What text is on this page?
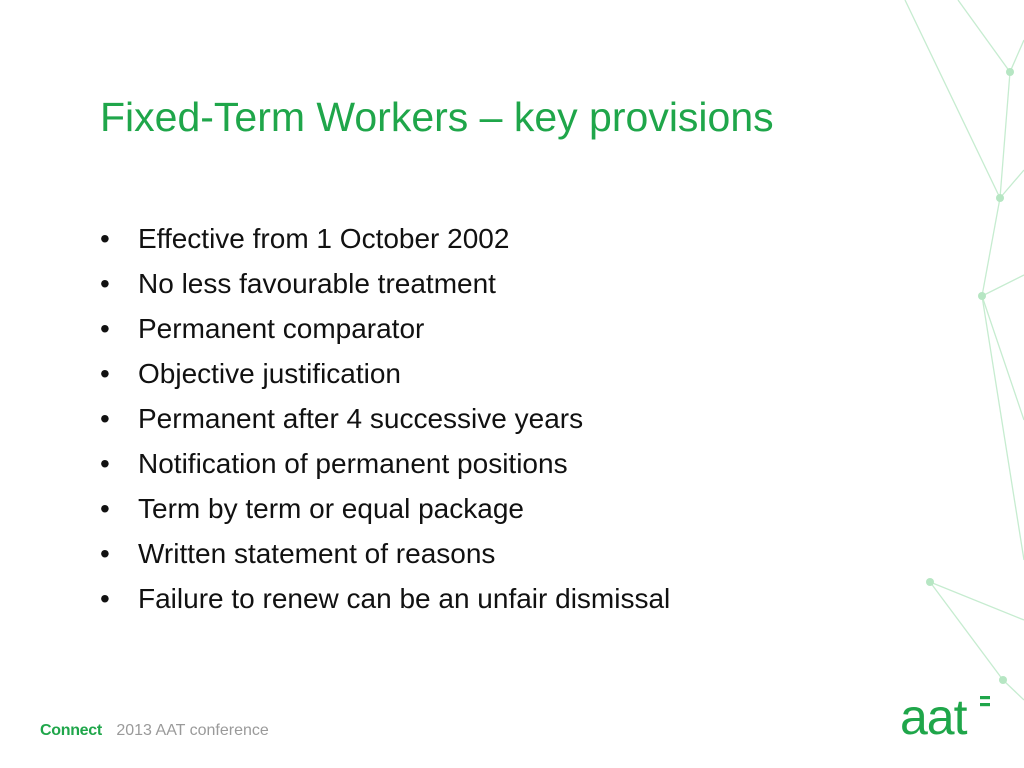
Fixed-Term Workers – key provisions
•	Effective from 1 October 2002
•	No less favourable treatment
•	Permanent comparator
•	Objective justification
•	Permanent after 4 successive years
•	Notification of permanent positions
•	Term by term or equal package
•	Written statement of reasons
•	Failure to renew can be an unfair dismissal
Connect 2013 AAT conference	aat
